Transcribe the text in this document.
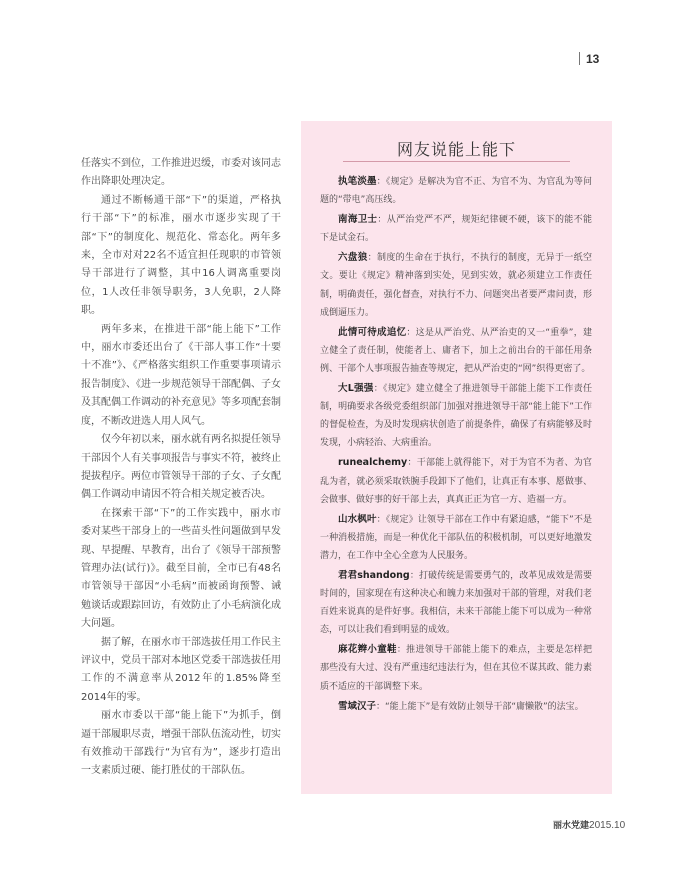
13

任落实不到位，工作推进迟缓，市委对该同志作出降职处理决定。

通过不断畅通干部“下”的渠道，严格执行干部“下”的标准，丽水市逐步实现了干部“下”的制度化、规范化、常态化。两年多来，全市对对22名不适宜担任现职的市管领导干部进行了调整，其中16人调离重要岗位，1人改任非领导职务，3人免职，2人降职。

两年多来，在推进干部“能上能下”工作中，丽水市委还出台了《干部人事工作“十要十不准”》、《严格落实组织工作重要事项请示报告制度》、《进一步规范领导干部配偶、子女及其配偶工作调动的补充意见》等多项配套制度，不断改进选人用人风气。

仅今年初以来，丽水就有两名拟提任领导干部因个人有关事项报告与事实不符，被终止提拔程序。两位市管领导干部的子女、子女配偶工作调动申请因不符合相关规定被否决。

在探索干部“下”的工作实践中，丽水市委对某些干部身上的一些苗头性问题做到早发现、早提醒、早教育，出台了《领导干部预警管理办法(试行)》。截至目前，全市已有48名市管领导干部因“小毛病”而被函询预警、诫勉谈话或跟踪回访，有效防止了小毛病演化成大问题。

据了解，在丽水市干部选拔任用工作民主评议中，党员干部对本地区党委干部选拔任用工作的不满意率从2012年的1.85%降至2014年的零。

丽水市委以干部“能上能下”为抓手，倒逼干部履职尽责，增强干部队伍流动性，切实有效推动干部践行“为官有为”，逐步打造出一支素质过硬、能打胜仗的干部队伍。

网友说能上能下

执笔淡墨：《规定》是解决为官不正、为官不为、为官乱为等问题的“带电”高压线。

南海卫士：从严治党严不严，规矩纪律硬不硬，该下的能不能下是试金石。

六盘狼：制度的生命在于执行，不执行的制度，无异于一纸空文。要让《规定》精神落到实处，见到实效，就必须建立工作责任制，明确责任，强化督查，对执行不力、问题突出者要严肃问责，形成倒逼压力。

此情可待成追忆：这是从严治党、从严治吏的又一“重拳”，建立健全了责任制，使能者上、庸者下，加上之前出台的干部任用条例、干部个人事项报告抽查等规定，把从严治吏的“网”织得更密了。

大L强强：《规定》建立健全了推进领导干部能上能下工作责任制，明确要求各级党委组织部门加强对推进领导干部“能上能下”工作的督促检查，为及时发现病状创造了前提条件，确保了有病能够及时发现，小病轻治、大病重治。

runealchemy：干部能上就得能下，对于为官不为者、为官乱为者，就必须采取铁腕手段卸下了他们，让真正有本事、愿做事、会做事、做好事的好干部上去，真真正正为官一方、造福一方。

山水枫叶：《规定》让领导干部在工作中有紧迫感，“能下”不是一种消极措施，而是一种优化干部队伍的积极机制，可以更好地激发潜力，在工作中全心全意为人民服务。

君君shandong：打破传统是需要勇气的，改革见成效是需要时间的，国家现在有这种决心和魄力来加强对干部的管理，对我们老百姓来说真的是件好事。我相信，未来干部能上能下可以成为一种常态，可以让我们看到明显的成效。

麻花辫小童鞋：推进领导干部能上能下的难点，主要是怎样把那些没有大过、没有严重违纪违法行为，但在其位不谋其政、能力素质不适应的干部调整下来。

雪域汉子：“能上能下”是有效防止领导干部“庸懒散”的法宝。

丽水党建2015.10
